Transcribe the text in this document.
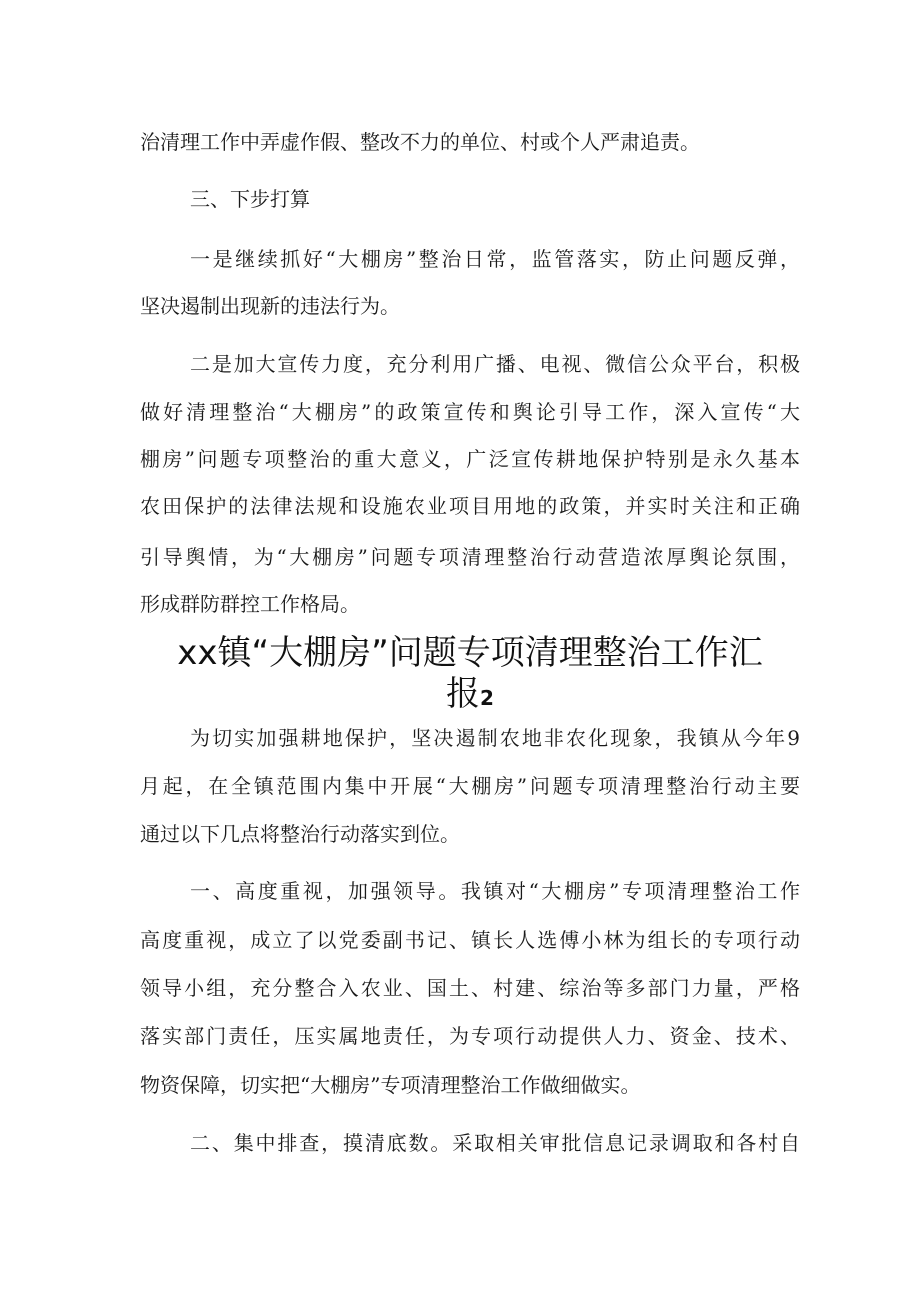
治清理工作中弄虚作假、整改不力的单位、村或个人严肃追责。
三、下步打算
一是继续抓好“大棚房”整治日常，监管落实，防止问题反弹，
坚决遏制出现新的违法行为。
二是加大宣传力度，充分利用广播、电视、微信公众平台，积极
做好清理整治“大棚房”的政策宣传和舆论引导工作，深入宣传“大
棚房”问题专项整治的重大意义，广泛宣传耕地保护特别是永久基本
农田保护的法律法规和设施农业项目用地的政策，并实时关注和正确
引导舆情，为“大棚房”问题专项清理整治行动营造浓厚舆论氛围，
形成群防群控工作格局。
xx镇“大棚房”问题专项清理整治工作汇
报2
为切实加强耕地保护，坚决遏制农地非农化现象，我镇从今年9
月起，在全镇范围内集中开展“大棚房”问题专项清理整治行动主要
通过以下几点将整治行动落实到位。
一、高度重视，加强领导。我镇对“大棚房”专项清理整治工作
高度重视，成立了以党委副书记、镇长人选傅小林为组长的专项行动
领导小组，充分整合入农业、国土、村建、综治等多部门力量，严格
落实部门责任，压实属地责任，为专项行动提供人力、资金、技术、
物资保障，切实把“大棚房”专项清理整治工作做细做实。
二、集中排查，摸清底数。采取相关审批信息记录调取和各村自
